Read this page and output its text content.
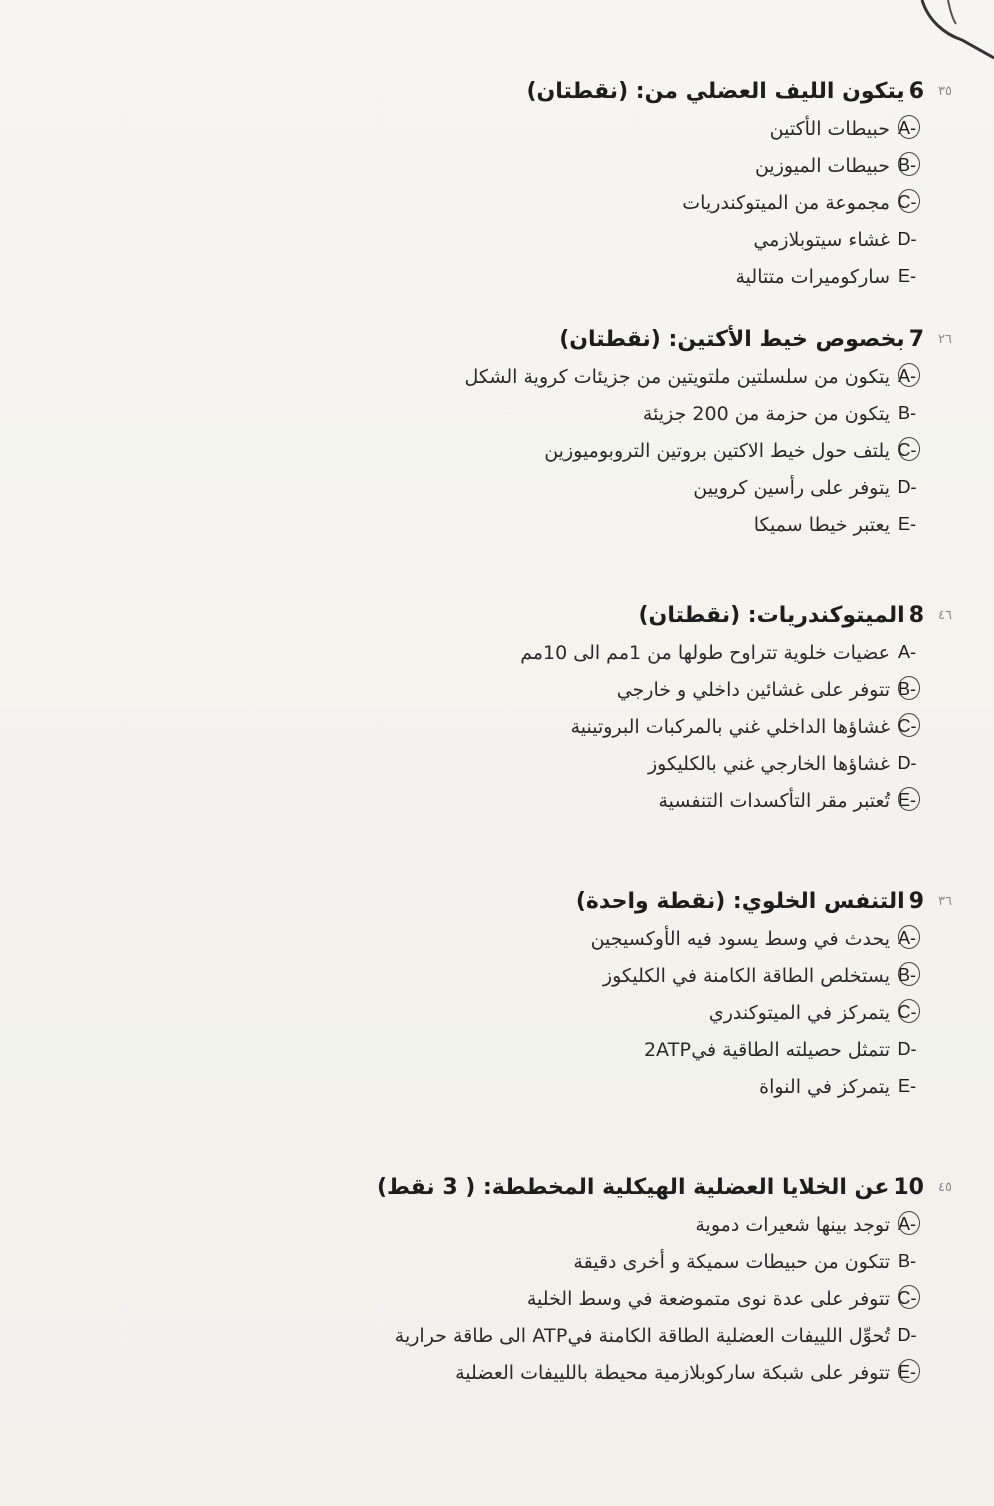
٣٥
6
يتكون الليف العضلي من: (نقطتان)
A-
حبيطات الأكتين
B-
حبيطات الميوزين
C-
مجموعة من الميتوكندريات
D-
غشاء سيتوبلازمي
E-
ساركوميرات متتالية
٢٦
7
بخصوص خيط الأكتين: (نقطتان)
A-
يتكون من سلسلتين ملتويتين من جزيئات كروية الشكل
B-
يتكون من حزمة من 200 جزيئة
C-
يلتف حول خيط الاكتين بروتين التروبوميوزين
D-
يتوفر على رأسين كرويين
E-
يعتبر خيطا سميكا
٤٦
8
الميتوكندريات: (نقطتان)
A-
عضيات خلوية تتراوح طولها من 1مم الى 10مم
B-
تتوفر على غشائين داخلي و خارجي
C-
غشاؤها الداخلي غني بالمركبات البروتينية
D-
غشاؤها الخارجي غني بالكليكوز
E-
تُعتبر مقر التأكسدات التنفسية
٣٦
9
التنفس الخلوي: (نقطة واحدة)
A-
يحدث في وسط يسود فيه الأوكسيجين
B-
يستخلص الطاقة الكامنة في الكليكوز
C-
يتمركز في الميتوكندري
D-
تتمثل حصيلته الطاقية في2ATP
E-
يتمركز في النواة
٤٥
10
عن الخلايا العضلية الهيكلية المخططة: ( 3 نقط)
A-
توجد بينها شعيرات دموية
B-
تتكون من حبيطات سميكة و أخرى دقيقة
C-
تتوفر على عدة نوى متموضعة في وسط الخلية
D-
تُحوِّل اللييفات العضلية الطاقة الكامنة فيATP الى طاقة حرارية
E-
تتوفر على شبكة ساركوبلازمية محيطة باللييفات العضلية
